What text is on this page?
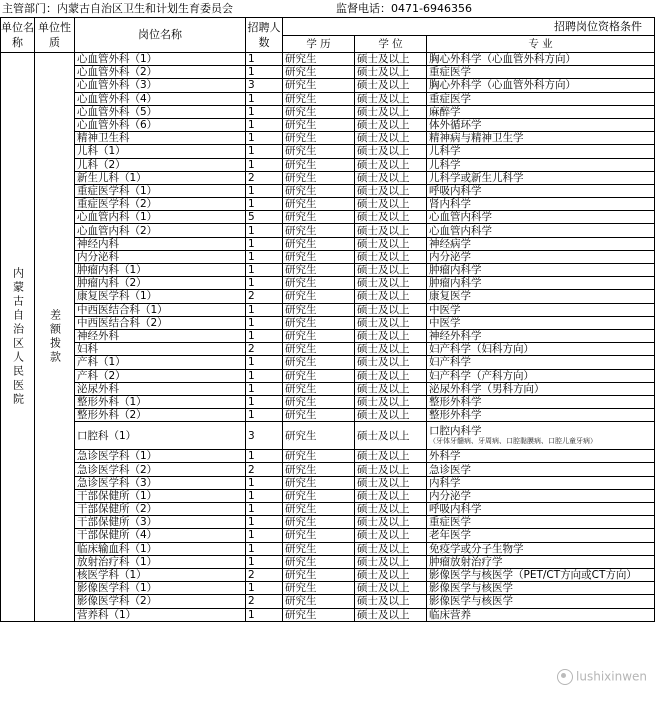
主管部门：内蒙古自治区卫生和计划生育委员会	监督电话：0471-6946356
单位名称	单位性质	岗位名称	招聘人数	招聘岗位资格条件		
				学 历	学 位	专 业

内蒙古自治区人民医院	差额拨款	心血管外科（1）	1	研究生	硕士及以上	胸心外科学（心血管外科方向）
		心血管外科（2）	1	研究生	硕士及以上	重症医学
		心血管外科（3）	3	研究生	硕士及以上	胸心外科学（心血管外科方向）
		心血管外科（4）	1	研究生	硕士及以上	重症医学
		心血管外科（5）	1	研究生	硕士及以上	麻醉学
		心血管外科（6）	1	研究生	硕士及以上	体外循环学
		精神卫生科	1	研究生	硕士及以上	精神病与精神卫生学
		儿科（1）	1	研究生	硕士及以上	儿科学
		儿科（2）	1	研究生	硕士及以上	儿科学
		新生儿科（1）	2	研究生	硕士及以上	儿科学或新生儿科学
		重症医学科（1）	1	研究生	硕士及以上	呼吸内科学
		重症医学科（2）	1	研究生	硕士及以上	肾内科学
		心血管内科（1）	5	研究生	硕士及以上	心血管内科学
		心血管内科（2）	1	研究生	硕士及以上	心血管内科学
		神经内科	1	研究生	硕士及以上	神经病学
		内分泌科	1	研究生	硕士及以上	内分泌学
		肿瘤内科（1）	1	研究生	硕士及以上	肿瘤内科学
		肿瘤内科（2）	1	研究生	硕士及以上	肿瘤内科学
		康复医学科（1）	2	研究生	硕士及以上	康复医学
		中西医结合科（1）	1	研究生	硕士及以上	中医学
		中西医结合科（2）	1	研究生	硕士及以上	中医学
		神经外科	1	研究生	硕士及以上	神经外科学
		妇科	2	研究生	硕士及以上	妇产科学（妇科方向）
		产科（1）	1	研究生	硕士及以上	妇产科学
		产科（2）	1	研究生	硕士及以上	妇产科学（产科方向）
		泌尿外科	1	研究生	硕士及以上	泌尿外科学（男科方向）
		整形外科（1）	1	研究生	硕士及以上	整形外科学
		整形外科（2）	1	研究生	硕士及以上	整形外科学
		口腔科（1）	3	研究生	硕士及以上	口腔内科学
（牙体牙髓病、牙周病、口腔黏膜病、口腔儿童牙病）

		急诊医学科（1）	1	研究生	硕士及以上	外科学
		急诊医学科（2）	2	研究生	硕士及以上	急诊医学
		急诊医学科（3）	1	研究生	硕士及以上	内科学
		干部保健所（1）	1	研究生	硕士及以上	内分泌学
		干部保健所（2）	1	研究生	硕士及以上	呼吸内科学
		干部保健所（3）	1	研究生	硕士及以上	重症医学
		干部保健所（4）	1	研究生	硕士及以上	老年医学
		临床输血科（1）	1	研究生	硕士及以上	免疫学或分子生物学
		放射治疗科（1）	1	研究生	硕士及以上	肿瘤放射治疗学
		核医学科（1）	2	研究生	硕士及以上	影像医学与核医学（PET/CT方向或CT方向）
		影像医学科（1）	1	研究生	硕士及以上	影像医学与核医学
		影像医学科（2）	2	研究生	硕士及以上	影像医学与核医学
		营养科（1）	1	研究生	硕士及以上	临床营养
lushixinwen
